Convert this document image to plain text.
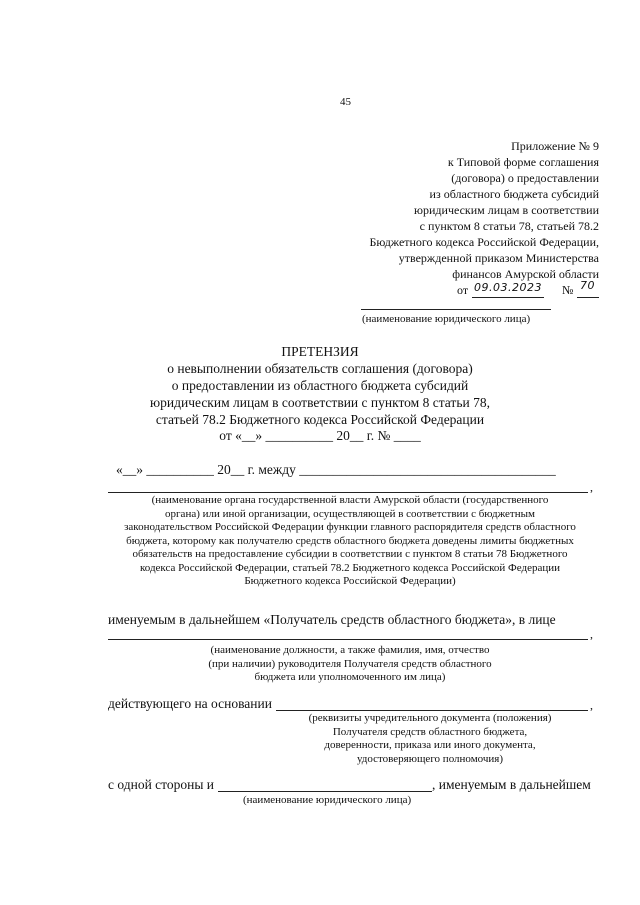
45
Приложение № 9
к Типовой форме соглашения
(договора) о предоставлении
из областного бюджета субсидий
юридическим лицам в соответствии
с пунктом 8 статьи 78, статьей 78.2
Бюджетного кодекса Российской Федерации,
утвержденной приказом Министерства
финансов Амурской области
от 09.03.2023 № 70
(наименование юридического лица)
ПРЕТЕНЗИЯ
о невыполнении обязательств соглашения (договора)
о предоставлении из областного бюджета субсидий
юридическим лицам в соответствии с пунктом 8 статьи 78,
статьей 78.2 Бюджетного кодекса Российской Федерации
от «__» __________ 20__ г. № ____
«__» __________ 20__ г. между ______________________________________
,
(наименование органа государственной власти Амурской области (государственного
органа) или иной организации, осуществляющей в соответствии с бюджетным
законодательством Российской Федерации функции главного распорядителя средств областного
бюджета, которому как получателю средств областного бюджета доведены лимиты бюджетных
обязательств на предоставление субсидии в соответствии с пунктом 8 статьи 78 Бюджетного
кодекса Российской Федерации, статьей 78.2 Бюджетного кодекса Российской Федерации
Бюджетного кодекса Российской Федерации)
именуемым в дальнейшем «Получатель средств областного бюджета», в лице
,
(наименование должности, а также фамилия, имя, отчество
(при наличии) руководителя Получателя средств областного
бюджета или уполномоченного им лица)
действующего на основании	,
(реквизиты учредительного документа (положения)
Получателя средств областного бюджета,
доверенности, приказа или иного документа,
удостоверяющего полномочия)
с одной стороны и	, именуемым в дальнейшем
(наименование юридического лица)
